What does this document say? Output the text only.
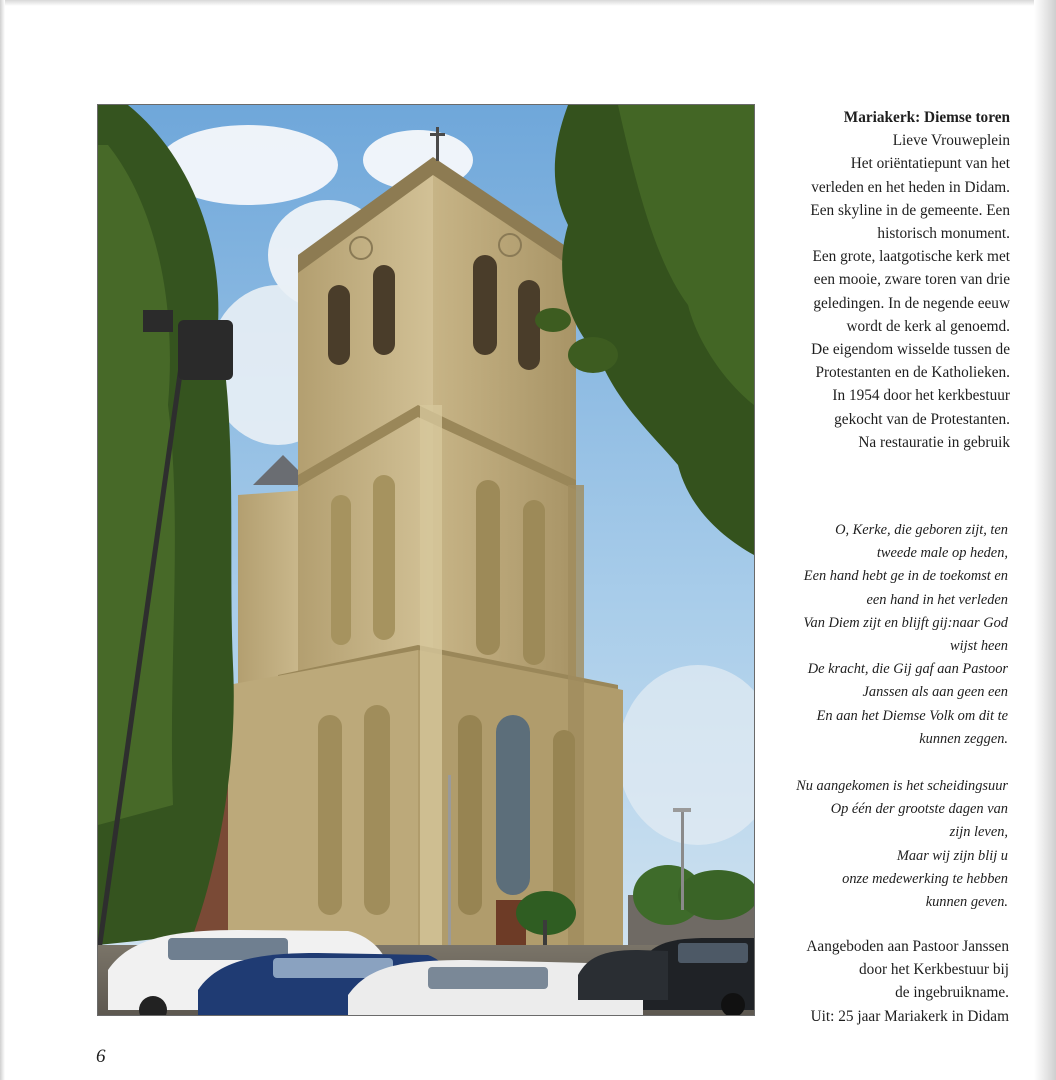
Mariakerk: Diemse toren
Lieve Vrouweplein
Het oriëntatiepunt van het
verleden en het heden in Didam.
Een skyline in de gemeente. Een
historisch monument.
Een grote, laatgotische kerk met
een mooie, zware toren van drie
geledingen. In de negende eeuw
wordt de kerk al genoemd.
De eigendom wisselde tussen de
Protestanten en de Katholieken.
In 1954 door het kerkbestuur
gekocht van de Protestanten.
Na restauratie in gebruik
O, Kerke, die geboren zijt, ten
tweede male op heden,
Een hand hebt ge in de toekomst en
een hand in het verleden
Van Diem zijt en blijft gij:naar God
wijst heen
De kracht, die Gij gaf aan Pastoor
Janssen als aan geen een
En aan het Diemse Volk om dit te
kunnen zeggen.
Nu aangekomen is het scheidingsuur
Op één der grootste dagen van
zijn leven,
Maar wij zijn blij u
onze medewerking te hebben
kunnen geven.
Aangeboden aan Pastoor Janssen
door het Kerkbestuur bij
de ingebruikname.
Uit: 25 jaar Mariakerk in Didam
6
